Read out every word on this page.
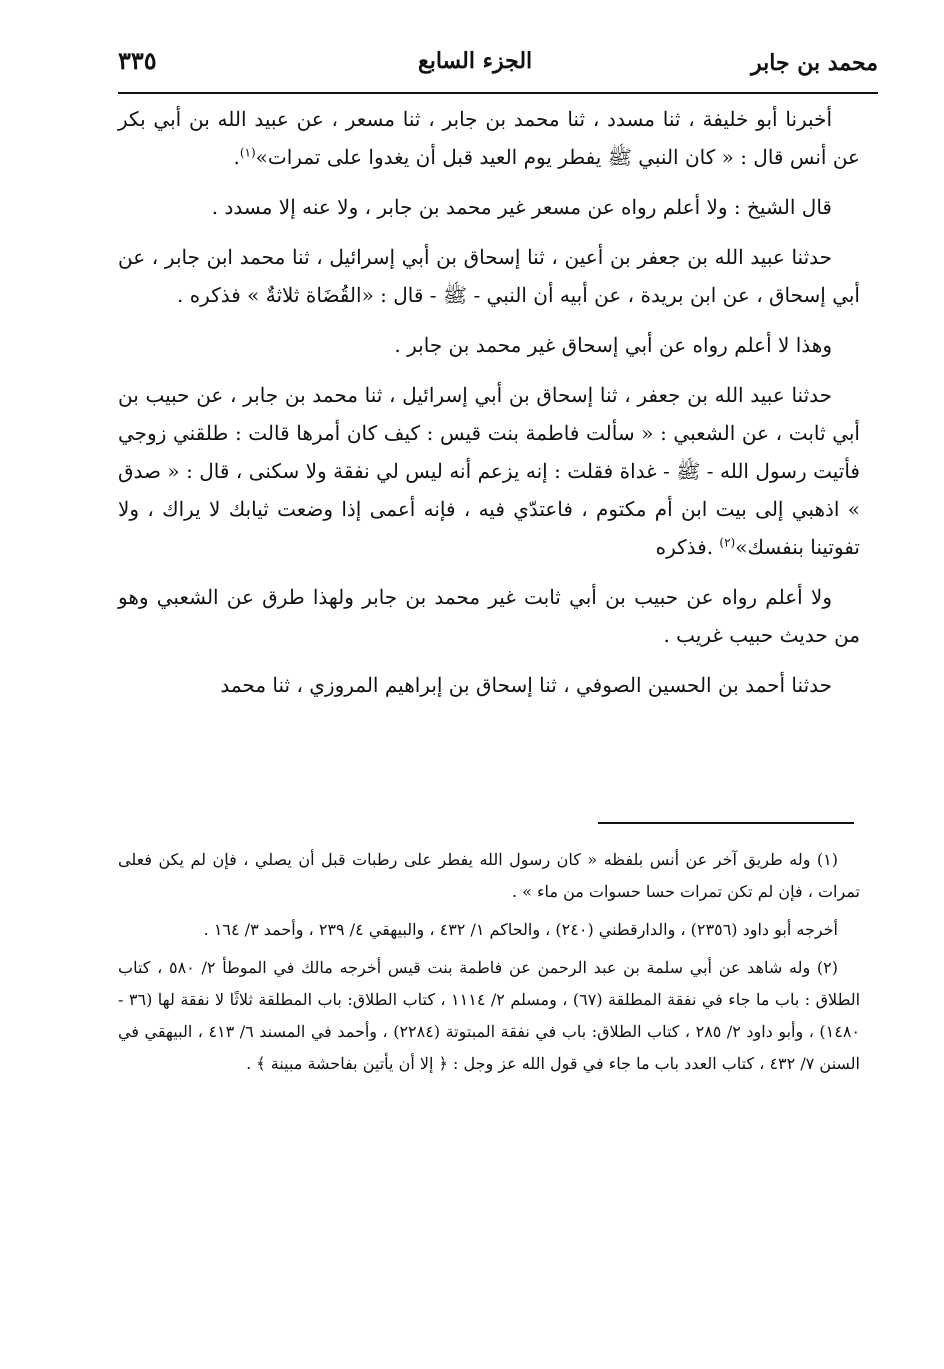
محمد بن جابر
الجزء السابع
٣٣٥

أخبرنا أبو خليفة ، ثنا مسدد ، ثنا محمد بن جابر ، ثنا مسعر ، عن عبيد الله بن أبي بكر عن أنس قال : « كان النبي ﷺ يفطر يوم العيد قبل أن يغدوا على تمرات»$^{(١)}$.

قال الشيخ : ولا أعلم رواه عن مسعر غير محمد بن جابر ، ولا عنه إلا مسدد .

حدثنا عبيد الله بن جعفر بن أعين ، ثنا إسحاق بن أبي إسرائيل ، ثنا محمد ابن جابر ، عن أبي إسحاق ، عن ابن بريدة ، عن أبيه أن النبي - ﷺ - قال : «القُضَاة ثلاثةٌ » فذكره .

وهذا لا أعلم رواه عن أبي إسحاق غير محمد بن جابر .

حدثنا عبيد الله بن جعفر ، ثنا إسحاق بن أبي إسرائيل ، ثنا محمد بن جابر ، عن حبيب بن أبي ثابت ، عن الشعبي : « سألت فاطمة بنت قيس : كيف كان أمرها قالت : طلقني زوجي فأتيت رسول الله - ﷺ - غداة فقلت : إنه يزعم أنه ليس لي نفقة ولا سكنى ، قال : « صدق » اذهبي إلى بيت ابن أم مكتوم ، فاعتدّي فيه ، فإنه أعمى إذا وضعت ثيابك لا يراك ، ولا تفوتينا بنفسك»$^{(٢)}$ .فذكره

ولا أعلم رواه عن حبيب بن أبي ثابت غير محمد بن جابر ولهذا طرق عن الشعبي وهو من حديث حبيب غريب .

حدثنا أحمد بن الحسين الصوفي ، ثنا إسحاق بن إبراهيم المروزي ، ثنا محمد

(١) وله طريق آخر عن أنس بلفظه « كان رسول الله يفطر على رطبات قبل أن يصلي ، فإن لم يكن فعلى تمرات ، فإن لم تكن تمرات حسا حسوات من ماء » .

أخرجه أبو داود (٢٣٥٦) ، والدارقطني (٢٤٠) ، والحاكم ١/ ٤٣٢ ، والبيهقي ٤/ ٢٣٩ ، وأحمد ٣/ ١٦٤ .

(٢) وله شاهد عن أبي سلمة بن عبد الرحمن عن فاطمة بنت قيس أخرجه مالك في الموطأ ٢/ ٥٨٠ ، كتاب الطلاق : باب ما جاء في نفقة المطلقة (٦٧) ، ومسلم ٢/ ١١١٤ ، كتاب الطلاق: باب المطلقة ثلاثًا لا نفقة لها (٣٦ - ١٤٨٠) ، وأبو داود ٢/ ٢٨٥ ، كتاب الطلاق: باب في نفقة المبتوتة (٢٢٨٤) ، وأحمد في المسند ٦/ ٤١٣ ، البيهقي في السنن ٧/ ٤٣٢ ، كتاب العدد باب ما جاء في قول الله عز وجل : ﴿ إلا أن يأتين بفاحشة مبينة ﴾ .
